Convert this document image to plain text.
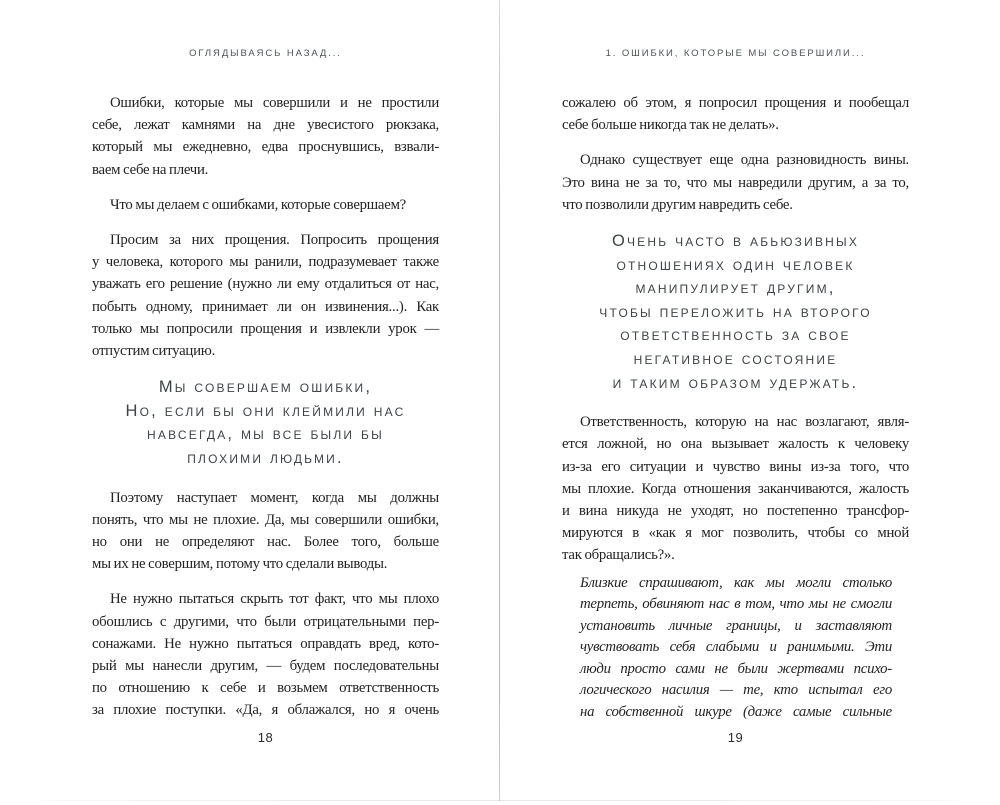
ОГЛЯДЫВАЯСЬ НАЗАД...
Ошибки, которые мы совершили и не простили
себе, лежат камнями на дне увесистого рюкзака,
который мы ежедневно, едва проснувшись, взвали-
ваем себе на плечи.
Что мы делаем с ошибками, которые совершаем?
Просим за них прощения. Попросить прощения
у человека, которого мы ранили, подразумевает также
уважать его решение (нужно ли ему отдалиться от нас,
побыть одному, принимает ли он извинения...). Как
только мы попросили прощения и извлекли урок —
отпустим ситуацию.
Мы совершаем ошибки,
Но, если бы они клеймили нас
навсегда, мы все были бы
плохими людьми.
Поэтому наступает момент, когда мы должны
понять, что мы не плохие. Да, мы совершили ошибки,
но они не определяют нас. Более того, больше
мы их не совершим, потому что сделали выводы.
Не нужно пытаться скрыть тот факт, что мы плохо
обошлись с другими, что были отрицательными пер-
сонажами. Не нужно пытаться оправдать вред, кото-
рый мы нанесли другим, — будем последовательны
по отношению к себе и возьмем ответственность
за плохие поступки. «Да, я облажался, но я очень
18
1. ОШИБКИ, КОТОРЫЕ МЫ СОВЕРШИЛИ...
сожалею об этом, я попросил прощения и пообещал
себе больше никогда так не делать».
Однако существует еще одна разновидность вины.
Это вина не за то, что мы навредили другим, а за то,
что позволили другим навредить себе.
Очень часто в абьюзивных
отношениях один человек
манипулирует другим,
чтобы переложить на второго
ответственность за свое
негативное состояние
и таким образом удержать.
Ответственность, которую на нас возлагают, явля-
ется ложной, но она вызывает жалость к человеку
из-за его ситуации и чувство вины из-за того, что
мы плохие. Когда отношения заканчиваются, жалость
и вина никуда не уходят, но постепенно трансфор-
мируются в «как я мог позволить, чтобы со мной
так обращались?».
Близкие спрашивают, как мы могли столько
терпеть, обвиняют нас в том, что мы не смогли
установить личные границы, и заставляют
чувствовать себя слабыми и ранимыми. Эти
люди просто сами не были жертвами психо-
логического насилия — те, кто испытал его
на собственной шкуре (даже самые сильные
19
